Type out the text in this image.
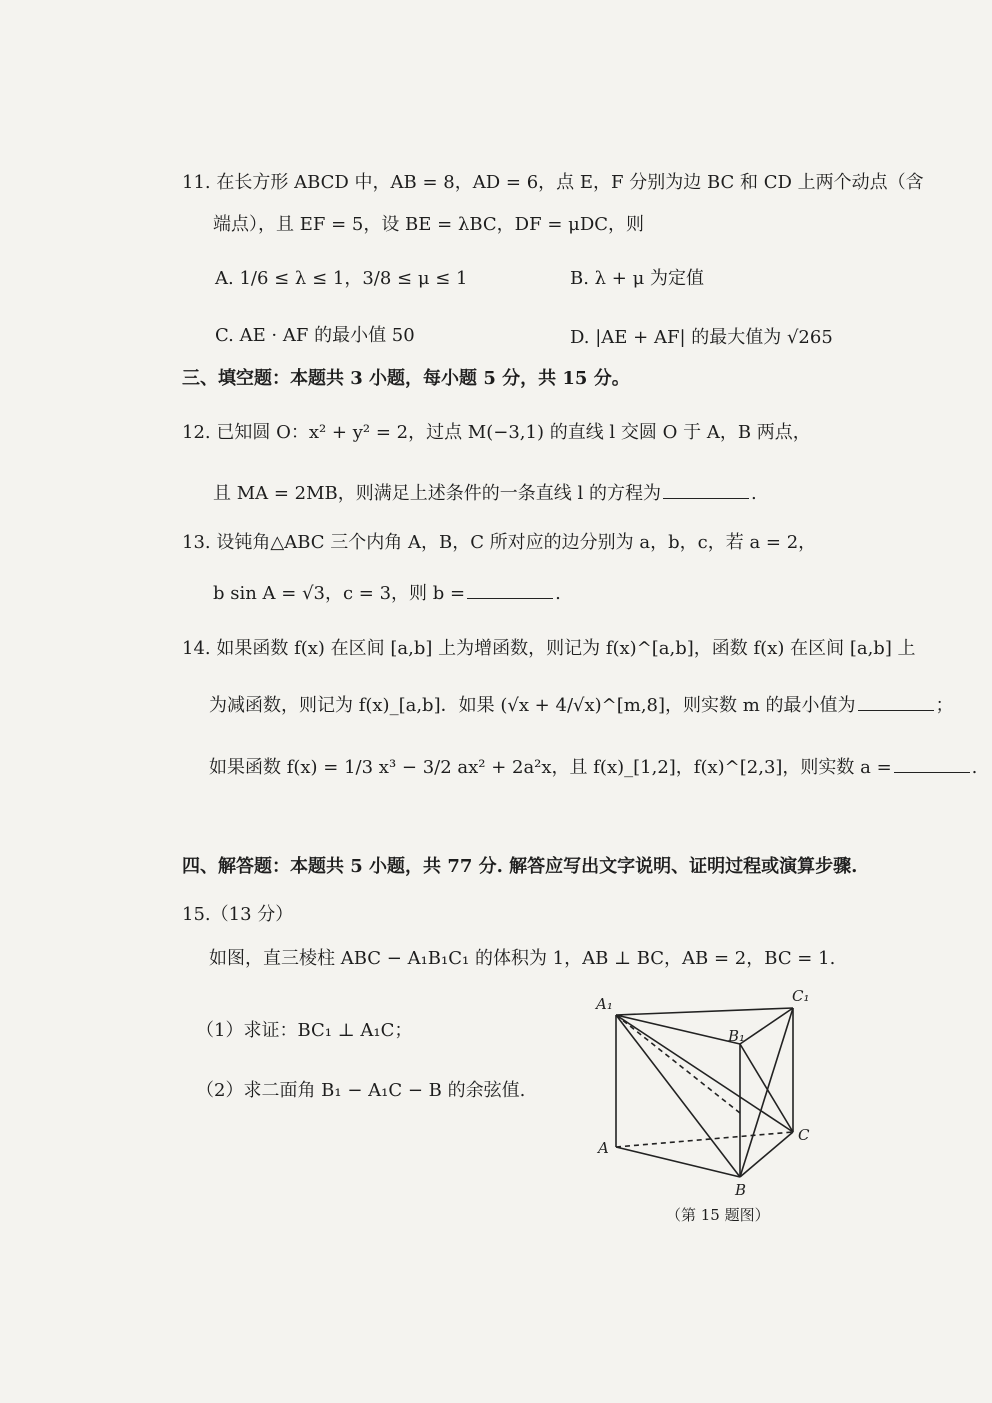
11. 在长方形 ABCD 中，AB = 8，AD = 6，点 E，F 分别为边 BC 和 CD 上两个动点（含
端点），且 EF = 5，设 BE = λBC，DF = μDC，则
A. 1/6 ≤ λ ≤ 1，3/8 ≤ μ ≤ 1	B. λ + μ 为定值
C. AE · AF 的最小值 50	D. |AE + AF| 的最大值为 √265
三、填空题：本题共 3 小题，每小题 5 分，共 15 分。
12. 已知圆 O：x² + y² = 2，过点 M(−3,1) 的直线 l 交圆 O 于 A，B 两点，
且 MA = 2MB，则满足上述条件的一条直线 l 的方程为	.
13. 设钝角△ABC 三个内角 A，B，C 所对应的边分别为 a，b，c，若 a = 2，
b sin A = √3，c = 3，则 b =	.
14. 如果函数 f(x) 在区间 [a,b] 上为增函数，则记为 f(x)^[a,b]，函数 f(x) 在区间 [a,b] 上
为减函数，则记为 f(x)_[a,b]．如果 (√x + 4/√x)^[m,8]，则实数 m 的最小值为	；
如果函数 f(x) = 1/3 x³ − 3/2 ax² + 2a²x，且 f(x)_[1,2]，f(x)^[2,3]，则实数 a =	.
四、解答题：本题共 5 小题，共 77 分. 解答应写出文字说明、证明过程或演算步骤.
15.（13 分）
如图，直三棱柱 ABC − A₁B₁C₁ 的体积为 1，AB ⊥ BC，AB = 2，BC = 1.
（1）求证：BC₁ ⊥ A₁C；
（2）求二面角 B₁ − A₁C − B 的余弦值.
A₁	C₁
B₁
A
C
B
（第 15 题图）
